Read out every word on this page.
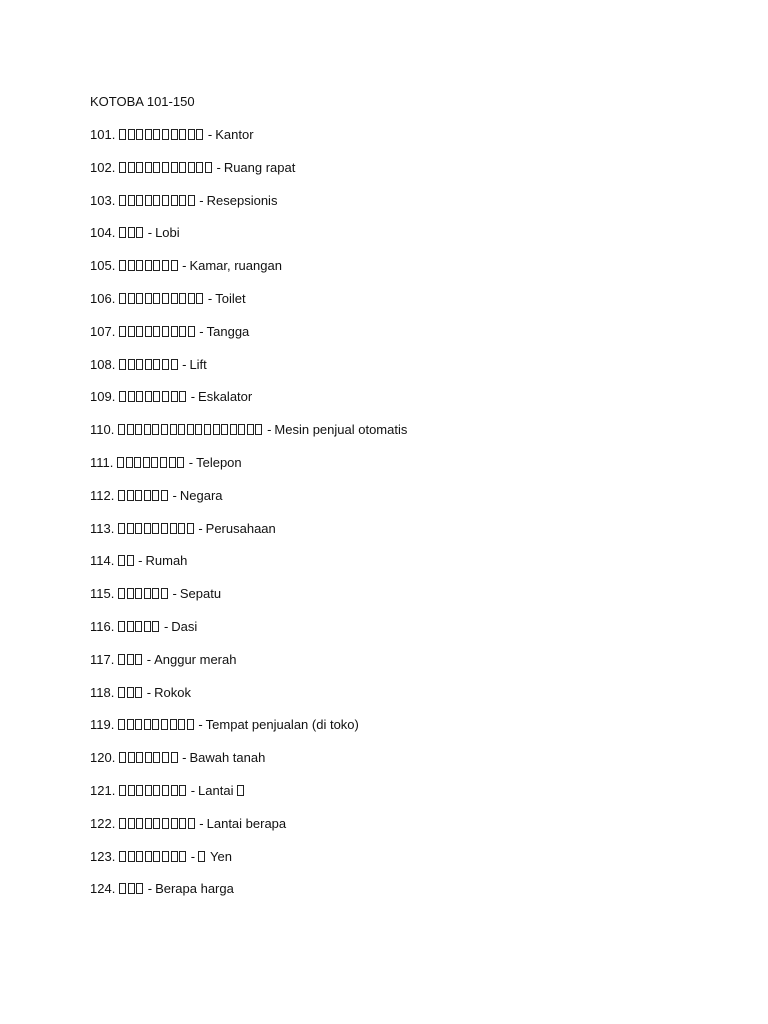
KOTOBA 101-150
101.	- Kantor
102.	- Ruang rapat
103.	- Resepsionis
104. - Lobi
105.	- Kamar, ruangan
106.	- Toilet
107.	- Tangga
108.	- Lift
109.	- Eskalator
110.	- Mesin penjual otomatis
111.	- Telepon
112.	- Negara
113.	- Perusahaan
114. - Rumah
115.	- Sepatu
116.	- Dasi
117. - Anggur merah
118. - Rokok
119.	- Tempat penjualan (di toko)
120.	- Bawah tanah
121.	- Lantai
122.	- Lantai berapa
123.	- Yen
124. - Berapa harga
